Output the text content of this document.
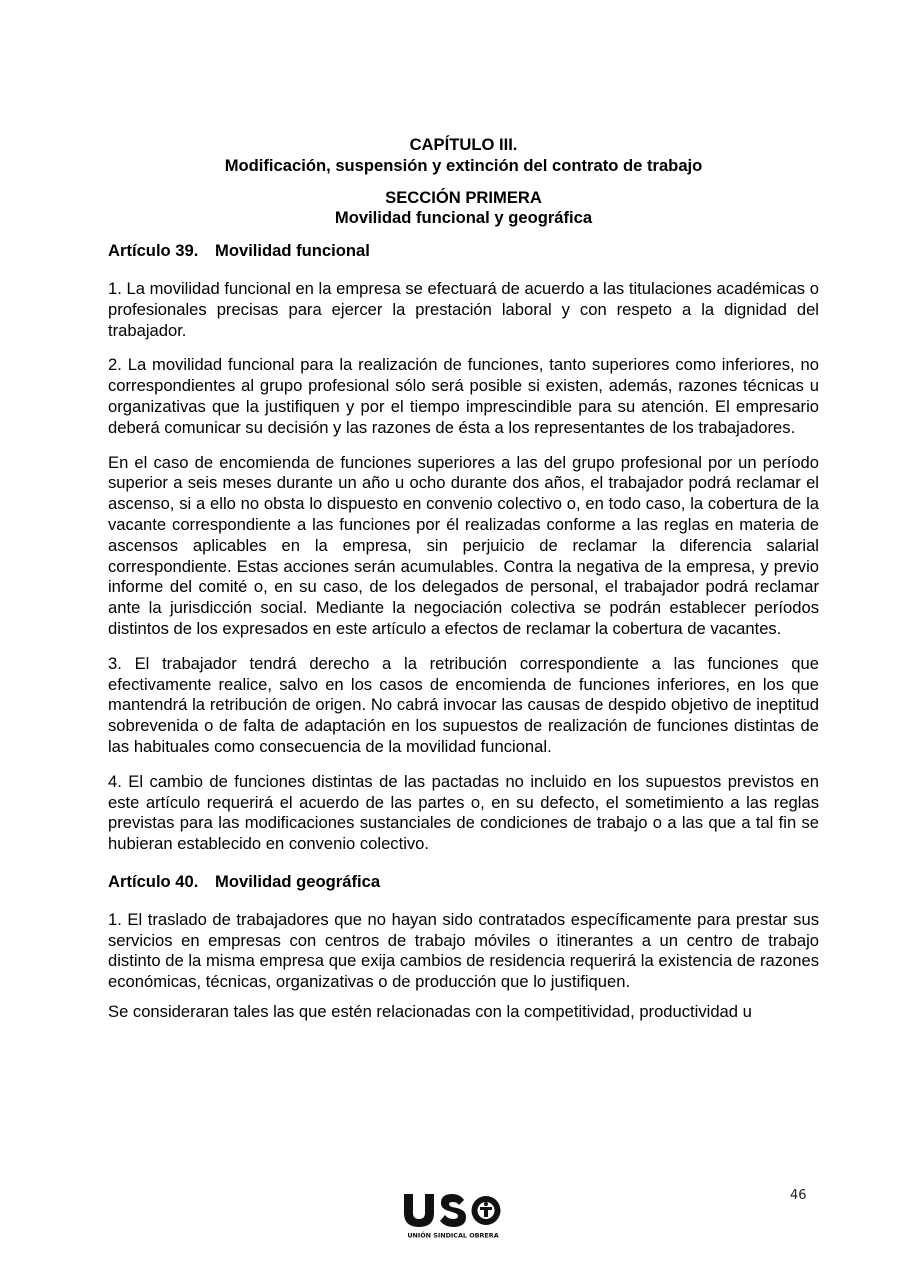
CAPÍTULO III.
Modificación, suspensión y extinción del contrato de trabajo
SECCIÓN PRIMERA
Movilidad funcional y geográfica
Artículo 39. Movilidad funcional

1. La movilidad funcional en la empresa se efectuará de acuerdo a las titulaciones académicas o profesionales precisas para ejercer la prestación laboral y con respeto a la dignidad del trabajador.

2. La movilidad funcional para la realización de funciones, tanto superiores como inferiores, no correspondientes al grupo profesional sólo será posible si existen, además, razones técnicas u organizativas que la justifiquen y por el tiempo imprescindible para su atención. El empresario deberá comunicar su decisión y las razones de ésta a los representantes de los trabajadores.

En el caso de encomienda de funciones superiores a las del grupo profesional por un período superior a seis meses durante un año u ocho durante dos años, el trabajador podrá reclamar el ascenso, si a ello no obsta lo dispuesto en convenio colectivo o, en todo caso, la cobertura de la vacante correspondiente a las funciones por él realizadas conforme a las reglas en materia de ascensos aplicables en la empresa, sin perjuicio de reclamar la diferencia salarial correspondiente. Estas acciones serán acumulables. Contra la negativa de la empresa, y previo informe del comité o, en su caso, de los delegados de personal, el trabajador podrá reclamar ante la jurisdicción social. Mediante la negociación colectiva se podrán establecer períodos distintos de los expresados en este artículo a efectos de reclamar la cobertura de vacantes.

3. El trabajador tendrá derecho a la retribución correspondiente a las funciones que efectivamente realice, salvo en los casos de encomienda de funciones inferiores, en los que mantendrá la retribución de origen. No cabrá invocar las causas de despido objetivo de ineptitud sobrevenida o de falta de adaptación en los supuestos de realización de funciones distintas de las habituales como consecuencia de la movilidad funcional.

4. El cambio de funciones distintas de las pactadas no incluido en los supuestos previstos en este artículo requerirá el acuerdo de las partes o, en su defecto, el sometimiento a las reglas previstas para las modificaciones sustanciales de condiciones de trabajo o a las que a tal fin se hubieran establecido en convenio colectivo.

Artículo 40. Movilidad geográfica

1. El traslado de trabajadores que no hayan sido contratados específicamente para prestar sus servicios en empresas con centros de trabajo móviles o itinerantes a un centro de trabajo distinto de la misma empresa que exija cambios de residencia requerirá la existencia de razones económicas, técnicas, organizativas o de producción que lo justifiquen.

Se consideraran tales las que estén relacionadas con la competitividad, productividad u

46
UNIÓN SINDICAL OBRERA
